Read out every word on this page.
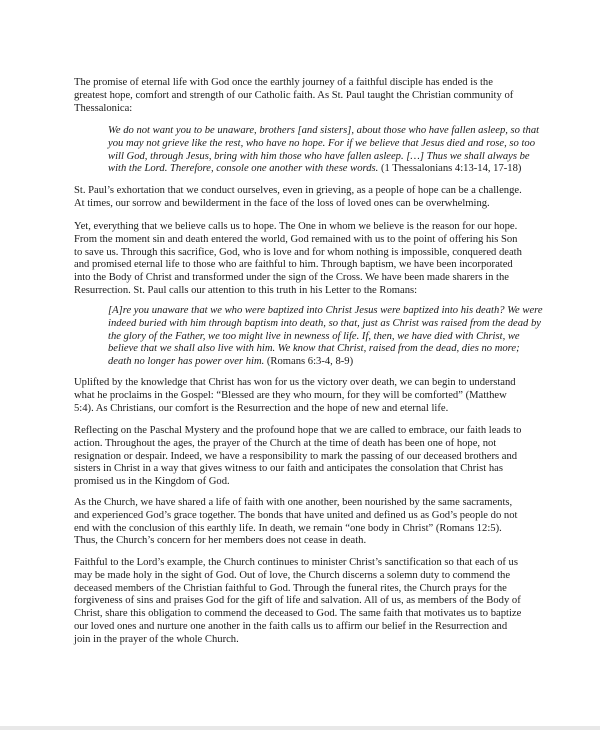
The promise of eternal life with God once the earthly journey of a faithful disciple has ended is the greatest hope, comfort and strength of our Catholic faith. As St. Paul taught the Christian community of Thessalonica:

We do not want you to be unaware, brothers [and sisters], about those who have fallen asleep, so that you may not grieve like the rest, who have no hope. For if we believe that Jesus died and rose, so too will God, through Jesus, bring with him those who have fallen asleep. […] Thus we shall always be with the Lord. Therefore, console one another with these words. (1 Thessalonians 4:13-14, 17-18)

St. Paul’s exhortation that we conduct ourselves, even in grieving, as a people of hope can be a challenge. At times, our sorrow and bewilderment in the face of the loss of loved ones can be overwhelming.

Yet, everything that we believe calls us to hope. The One in whom we believe is the reason for our hope. From the moment sin and death entered the world, God remained with us to the point of offering his Son to save us. Through this sacrifice, God, who is love and for whom nothing is impossible, conquered death and promised eternal life to those who are faithful to him. Through baptism, we have been incorporated into the Body of Christ and transformed under the sign of the Cross. We have been made sharers in the Resurrection. St. Paul calls our attention to this truth in his Letter to the Romans:

[A]re you unaware that we who were baptized into Christ Jesus were baptized into his death? We were indeed buried with him through baptism into death, so that, just as Christ was raised from the dead by the glory of the Father, we too might live in newness of life. If, then, we have died with Christ, we believe that we shall also live with him. We know that Christ, raised from the dead, dies no more; death no longer has power over him. (Romans 6:3-4, 8-9)

Uplifted by the knowledge that Christ has won for us the victory over death, we can begin to understand what he proclaims in the Gospel: “Blessed are they who mourn, for they will be comforted” (Matthew 5:4). As Christians, our comfort is the Resurrection and the hope of new and eternal life.

Reflecting on the Paschal Mystery and the profound hope that we are called to embrace, our faith leads to action. Throughout the ages, the prayer of the Church at the time of death has been one of hope, not resignation or despair. Indeed, we have a responsibility to mark the passing of our deceased brothers and sisters in Christ in a way that gives witness to our faith and anticipates the consolation that Christ has promised us in the Kingdom of God.

As the Church, we have shared a life of faith with one another, been nourished by the same sacraments, and experienced God’s grace together. The bonds that have united and defined us as God’s people do not end with the conclusion of this earthly life. In death, we remain “one body in Christ” (Romans 12:5). Thus, the Church’s concern for her members does not cease in death.

Faithful to the Lord’s example, the Church continues to minister Christ’s sanctification so that each of us may be made holy in the sight of God. Out of love, the Church discerns a solemn duty to commend the deceased members of the Christian faithful to God. Through the funeral rites, the Church prays for the forgiveness of sins and praises God for the gift of life and salvation. All of us, as members of the Body of Christ, share this obligation to commend the deceased to God. The same faith that motivates us to baptize our loved ones and nurture one another in the faith calls us to affirm our belief in the Resurrection and join in the prayer of the whole Church.
